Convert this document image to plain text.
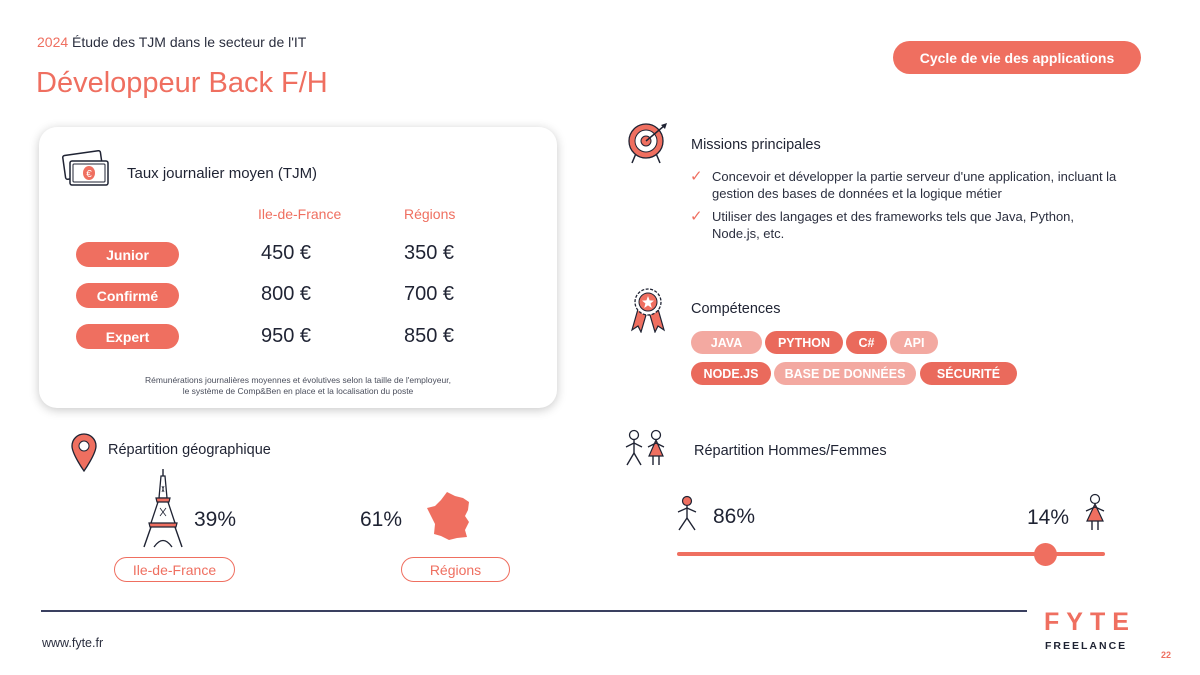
2024 Étude des TJM dans le secteur de l'IT
Développeur Back F/H
Cycle de vie des applications
€ Taux journalier moyen (TJM)
Ile-de-France	Régions
Junior	450 €	350 €
Confirmé	800 €	700 €
Expert	950 €	850 €
Rémunérations journalières moyennes et évolutives selon la taille de l'employeur,
le système de Comp&Ben en place et la localisation du poste
Missions principales
✓ Concevoir et développer la partie serveur d'une application, incluant la gestion des bases de données et la logique métier
✓ Utiliser des langages et des frameworks tels que Java, Python, Node.js, etc.
Compétences
JAVA	PYTHON	C#	API
NODE.JS	BASE DE DONNÉES	SÉCURITÉ
Répartition géographique
39%	61%
Ile-de-France	Régions
Répartition Hommes/Femmes
86%	14%
www.fyte.fr
FYTE
FREELANCE
22
